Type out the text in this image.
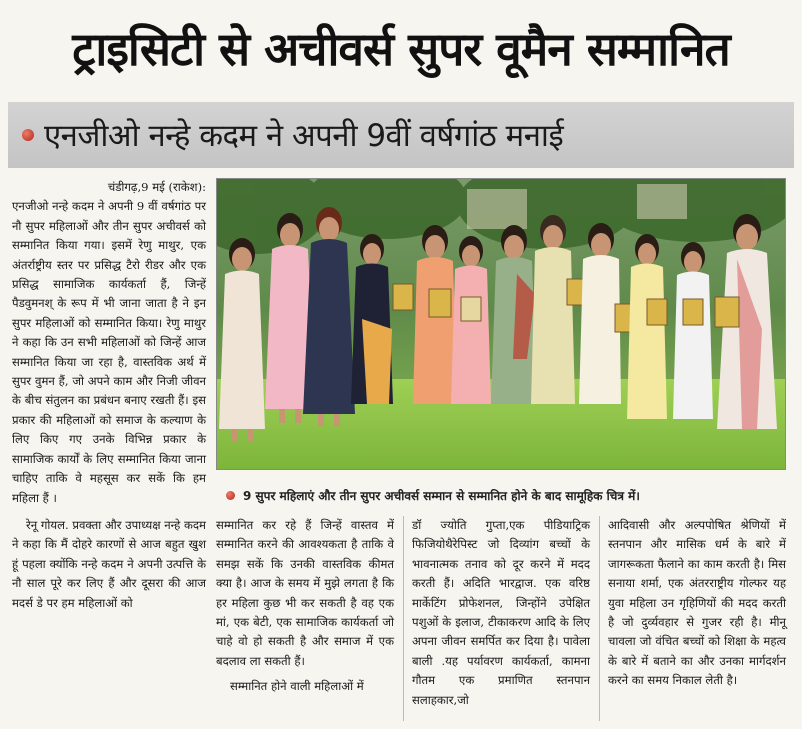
ट्राइसिटी से अचीवर्स सुपर वूमैन सम्मानित
एनजीओ नन्हे कदम ने अपनी 9वीं वर्षगांठ मनाई

चंडीगढ़,9 मई (राकेश):
एनजीओ नन्हे कदम ने अपनी 9 वीं वर्षगांठ पर नौ सुपर महिलाओं और तीन सुपर अचीवर्स को सम्मानित किया गया। इसमें रेणु माथुर, एक अंतर्राष्ट्रीय स्तर पर प्रसिद्ध टैरो रीडर और एक प्रसिद्ध सामाजिक कार्यकर्ता हैं, जिन्हें पैडवुमनश् के रूप में भी जाना जाता है ने इन सुपर महिलाओं को सम्मानित किया। रेणु माथुर ने कहा कि उन सभी महिलाओं को जिन्हें आज सम्मानित किया जा रहा है, वास्तविक अर्थ में सुपर वुमन हैं, जो अपने काम और निजी जीवन के बीच संतुलन का प्रबंधन बनाए रखती हैं। इस प्रकार की महिलाओं को समाज के कल्याण के लिए किए गए उनके विभिन्न प्रकार के सामाजिक कार्यों के लिए सम्मानित किया जाना चाहिए ताकि वे महसूस कर सकें कि हम महिला हैं ।

रेनू गोयल. प्रवक्ता और उपाध्यक्ष नन्हे कदम ने कहा कि मैं दोहरे कारणों से आज बहुत खुश हूं पहला क्योंकि नन्हे कदम ने अपनी उत्पत्ति के नौ साल पूरे कर लिए हैं और दूसरा की आज मदर्स डे पर हम महिलाओं को

9 सुपर महिलाएं और तीन सुपर अचीवर्स सम्मान से सम्मानित होने के बाद सामूहिक चित्र में।

सम्मानित कर रहे हैं जिन्हें वास्तव में सम्मानित करने की आवश्यकता है ताकि वे समझ सकें कि उनकी वास्तविक कीमत क्या है। आज के समय में मुझे लगता है कि हर महिला कुछ भी कर सकती है वह एक मां, एक बेटी, एक सामाजिक कार्यकर्ता जो चाहे वो हो सकती है और समाज में एक बदलाव ला सकती हैं।

सम्मानित होने वाली महिलाओं में

डॉ ज्योति गुप्ता,एक पीडियाट्रिक फिजियोथैरेपिस्ट जो दिव्यांग बच्चों के भावनात्मक तनाव को दूर करने में मदद करती हैं। अदिति भारद्वाज. एक वरिष्ठ मार्केटिंग प्रोफेशनल, जिन्होंने उपेक्षित पशुओं के इलाज, टीकाकरण आदि के लिए अपना जीवन समर्पित कर दिया है। पावेला बाली .यह पर्यावरण कार्यकर्ता, कामना गौतम एक प्रमाणित स्तनपान सलाहकार,जो

आदिवासी और अल्पपोषित श्रेणियों में स्तनपान और मासिक धर्म के बारे में जागरूकता फैलाने का काम करती है। मिस सनाया शर्मा, एक अंतरराष्ट्रीय गोल्फर यह युवा महिला उन गृहिणियों की मदद करती है जो दुर्व्यवहार से गुजर रही है। मीनू चावला जो वंचित बच्चों को शिक्षा के महत्व के बारे में बताने का और उनका मार्गदर्शन करने का समय निकाल लेती है।
